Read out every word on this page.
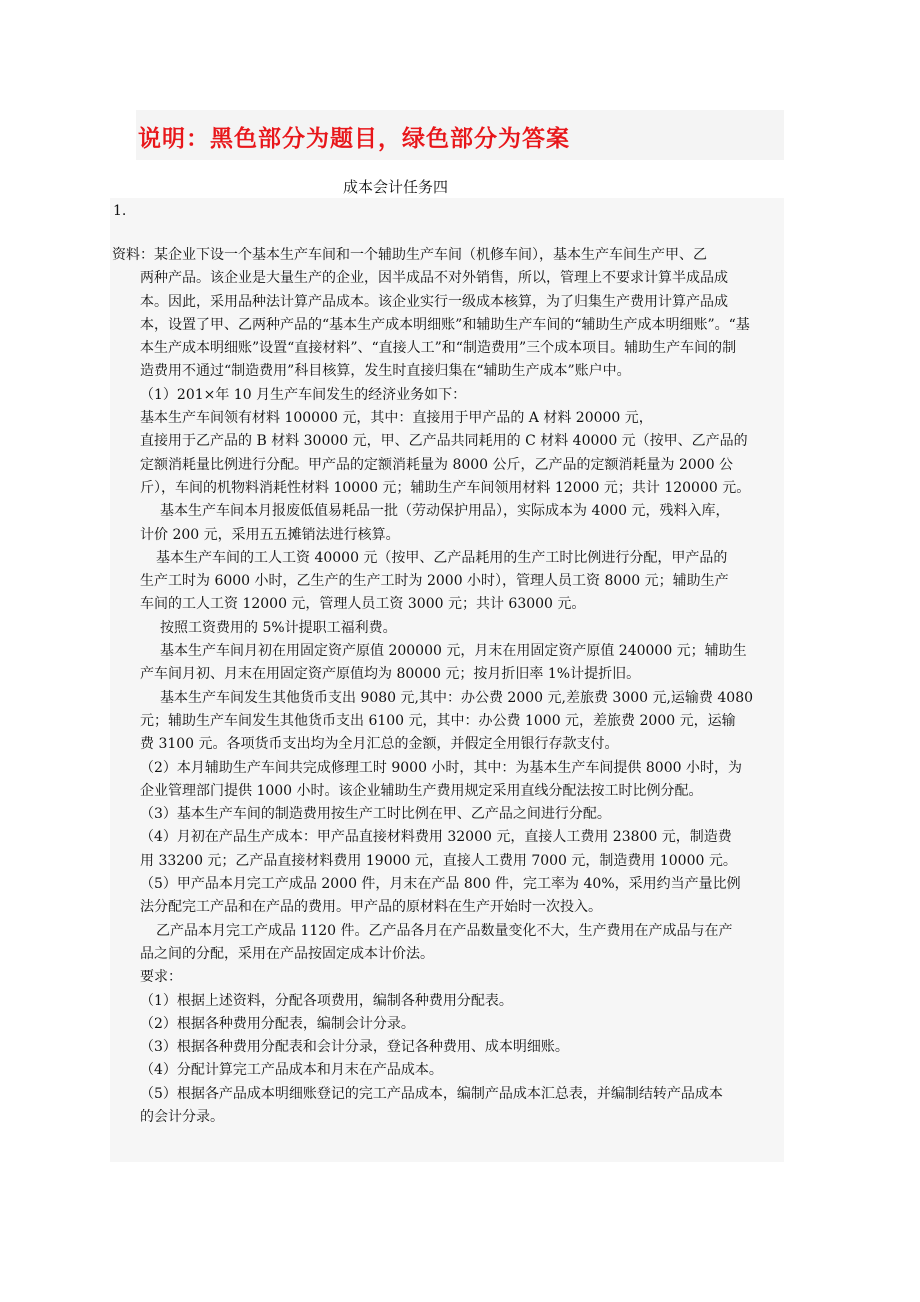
说明：黑色部分为题目，绿色部分为答案
成本会计任务四
1.

资料：某企业下设一个基本生产车间和一个辅助生产车间（机修车间），基本生产车间生产甲、乙

两种产品。该企业是大量生产的企业，因半成品不对外销售，所以，管理上不要求计算半成品成

本。因此，采用品种法计算产品成本。该企业实行一级成本核算，为了归集生产费用计算产品成

本，设置了甲、乙两种产品的“基本生产成本明细账”和辅助生产车间的“辅助生产成本明细账”。“基

本生产成本明细账”设置“直接材料”、“直接人工”和“制造费用”三个成本项目。辅助生产车间的制

造费用不通过“制造费用”科目核算，发生时直接归集在“辅助生产成本”账户中。

（1）201×年 10 月生产车间发生的经济业务如下：

基本生产车间领有材料 100000 元，其中：直接用于甲产品的 A 材料 20000 元，

直接用于乙产品的 B 材料 30000 元，甲、乙产品共同耗用的 C 材料 40000 元（按甲、乙产品的

定额消耗量比例进行分配。甲产品的定额消耗量为 8000 公斤，乙产品的定额消耗量为 2000 公

斤），车间的机物料消耗性材料 10000 元；辅助生产车间领用材料 12000 元；共计 120000 元。

基本生产车间本月报废低值易耗品一批（劳动保护用品），实际成本为 4000 元，残料入库，

计价 200 元，采用五五摊销法进行核算。

基本生产车间的工人工资 40000 元（按甲、乙产品耗用的生产工时比例进行分配，甲产品的

生产工时为 6000 小时，乙生产的生产工时为 2000 小时），管理人员工资 8000 元；辅助生产

车间的工人工资 12000 元，管理人员工资 3000 元；共计 63000 元。

按照工资费用的 5%计提职工福利费。

基本生产车间月初在用固定资产原值 200000 元，月末在用固定资产原值 240000 元；辅助生

产车间月初、月末在用固定资产原值均为 80000 元；按月折旧率 1%计提折旧。

基本生产车间发生其他货币支出 9080 元,其中：办公费 2000 元,差旅费 3000 元,运输费 4080

元；辅助生产车间发生其他货币支出 6100 元，其中：办公费 1000 元，差旅费 2000 元，运输

费 3100 元。各项货币支出均为全月汇总的金额，并假定全用银行存款支付。

（2）本月辅助生产车间共完成修理工时 9000 小时，其中：为基本生产车间提供 8000 小时，为

企业管理部门提供 1000 小时。该企业辅助生产费用规定采用直线分配法按工时比例分配。

（3）基本生产车间的制造费用按生产工时比例在甲、乙产品之间进行分配。

（4）月初在产品生产成本：甲产品直接材料费用 32000 元，直接人工费用 23800 元，制造费

用 33200 元；乙产品直接材料费用 19000 元，直接人工费用 7000 元，制造费用 10000 元。

（5）甲产品本月完工产成品 2000 件，月末在产品 800 件，完工率为 40%，采用约当产量比例

法分配完工产品和在产品的费用。甲产品的原材料在生产开始时一次投入。

乙产品本月完工产成品 1120 件。乙产品各月在产品数量变化不大，生产费用在产成品与在产

品之间的分配，采用在产品按固定成本计价法。

要求：

（1）根据上述资料，分配各项费用，编制各种费用分配表。

（2）根据各种费用分配表，编制会计分录。

（3）根据各种费用分配表和会计分录，登记各种费用、成本明细账。

（4）分配计算完工产品成本和月末在产品成本。

（5）根据各产品成本明细账登记的完工产品成本，编制产品成本汇总表，并编制结转产品成本

的会计分录。
